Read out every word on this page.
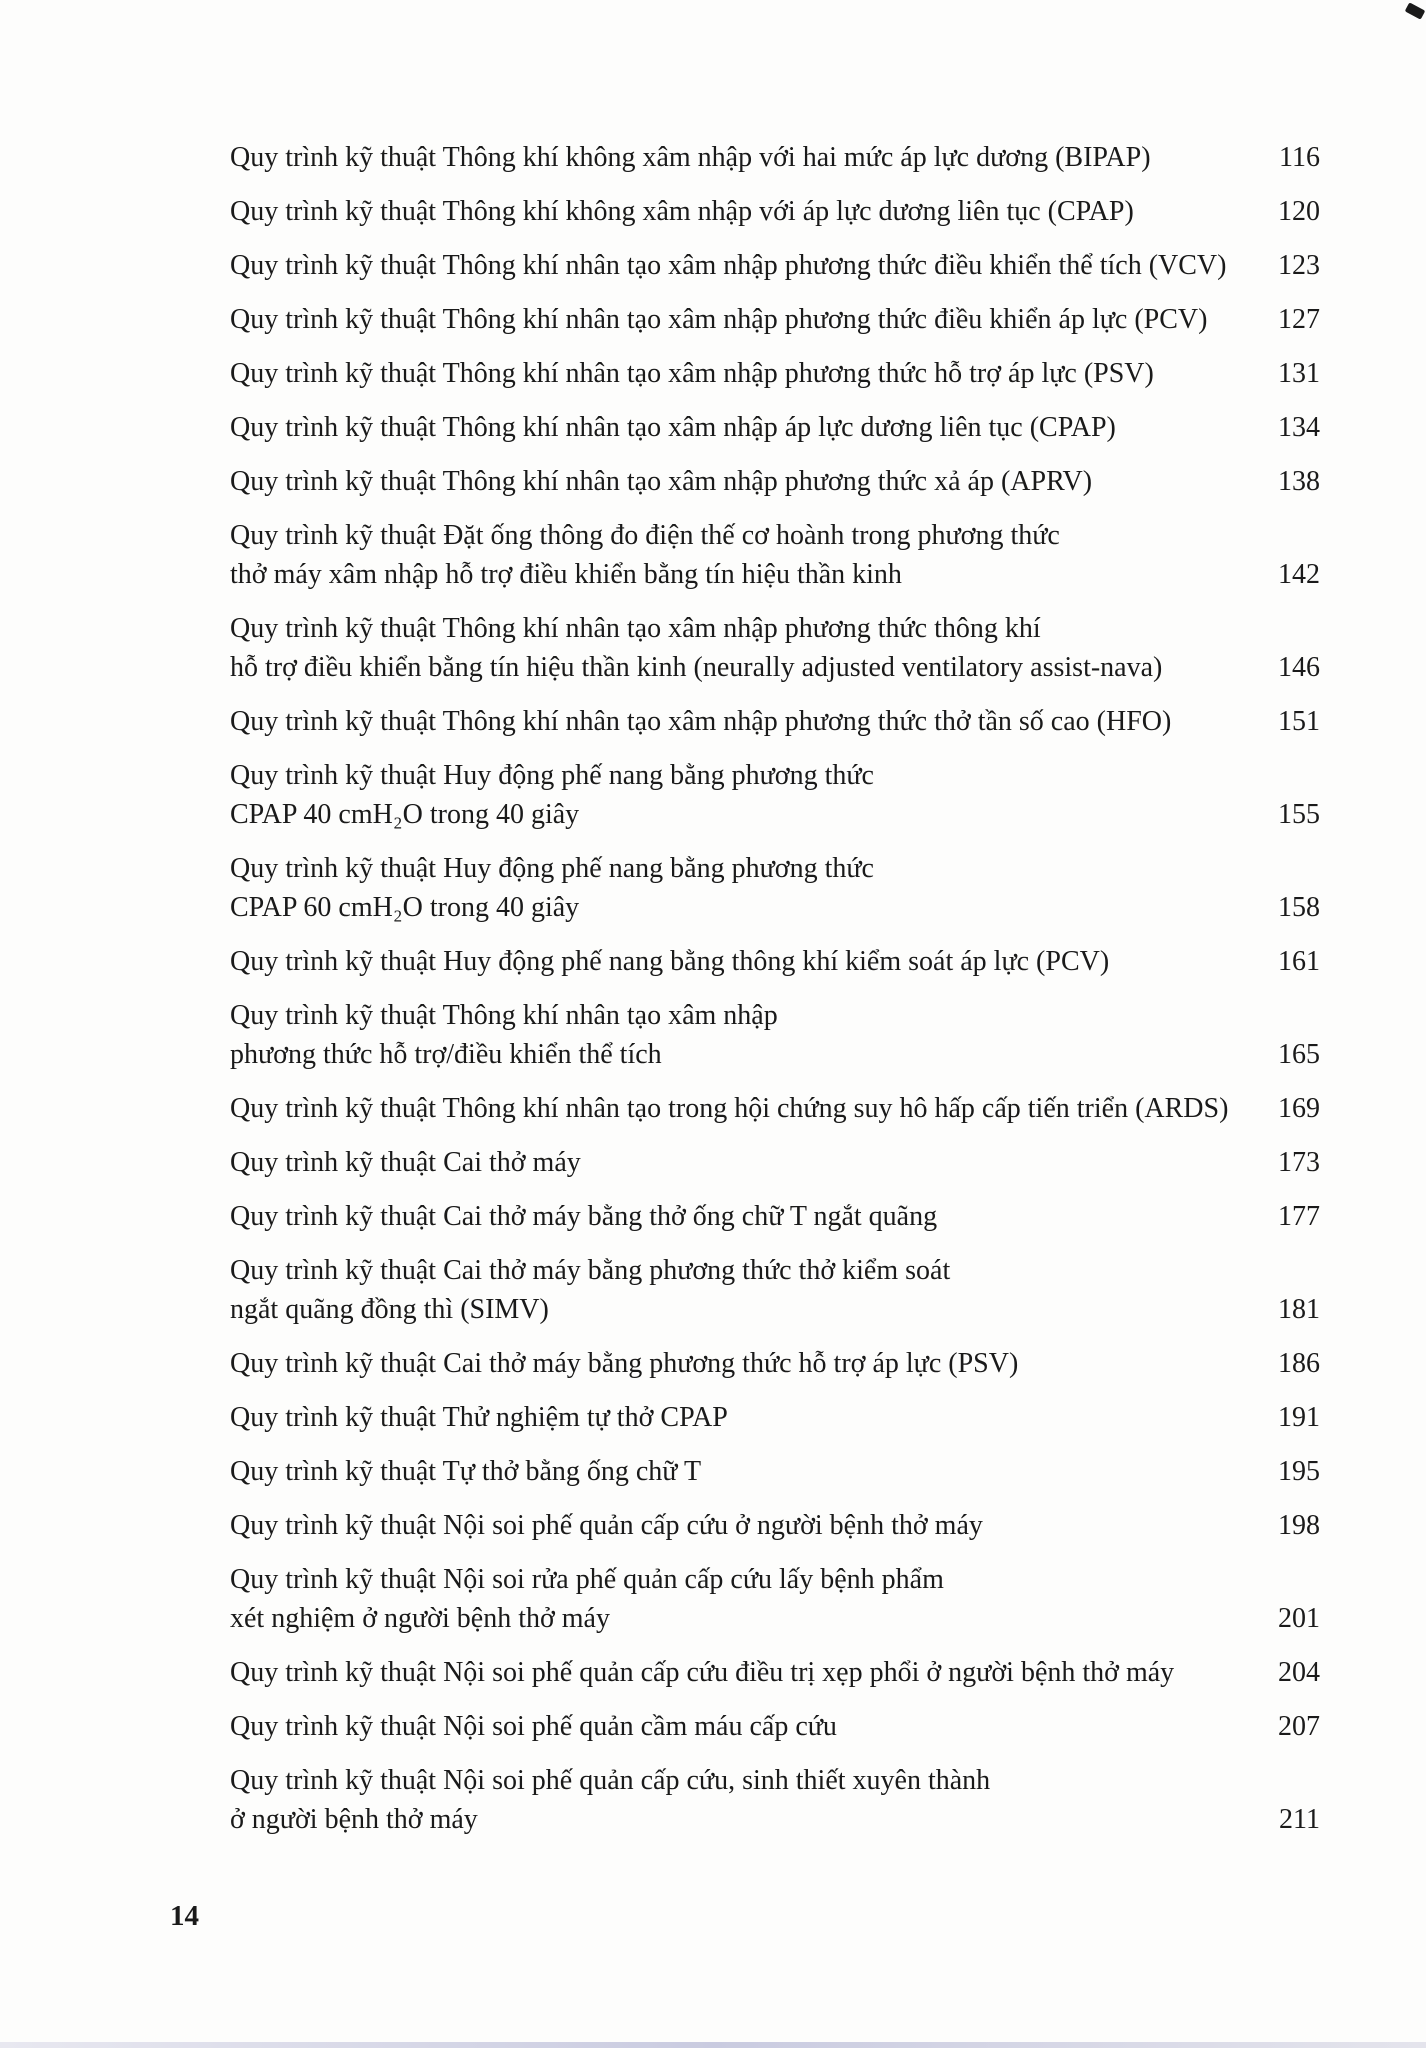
Quy trình kỹ thuật Thông khí không xâm nhập với hai mức áp lực dương (BIPAP)	116
Quy trình kỹ thuật Thông khí không xâm nhập với áp lực dương liên tục (CPAP)	120
Quy trình kỹ thuật Thông khí nhân tạo xâm nhập phương thức điều khiển thể tích (VCV)	123
Quy trình kỹ thuật Thông khí nhân tạo xâm nhập phương thức điều khiển áp lực (PCV)	127
Quy trình kỹ thuật Thông khí nhân tạo xâm nhập phương thức hỗ trợ áp lực (PSV)	131
Quy trình kỹ thuật Thông khí nhân tạo xâm nhập áp lực dương liên tục (CPAP)	134
Quy trình kỹ thuật Thông khí nhân tạo xâm nhập phương thức xả áp (APRV)	138
Quy trình kỹ thuật Đặt ống thông đo điện thế cơ hoành trong phương thức
thở máy xâm nhập hỗ trợ điều khiển bằng tín hiệu thần kinh	142
Quy trình kỹ thuật Thông khí nhân tạo xâm nhập phương thức thông khí
hỗ trợ điều khiển bằng tín hiệu thần kinh (neurally adjusted ventilatory assist-nava)	146
Quy trình kỹ thuật Thông khí nhân tạo xâm nhập phương thức thở tần số cao (HFO)	151
Quy trình kỹ thuật Huy động phế nang bằng phương thức
CPAP 40 cmH₂O trong 40 giây	155
Quy trình kỹ thuật Huy động phế nang bằng phương thức
CPAP 60 cmH₂O trong 40 giây	158
Quy trình kỹ thuật Huy động phế nang bằng thông khí kiểm soát áp lực (PCV)	161
Quy trình kỹ thuật Thông khí nhân tạo xâm nhập
phương thức hỗ trợ/điều khiển thể tích	165
Quy trình kỹ thuật Thông khí nhân tạo trong hội chứng suy hô hấp cấp tiến triển (ARDS)	169
Quy trình kỹ thuật Cai thở máy	173
Quy trình kỹ thuật Cai thở máy bằng thở ống chữ T ngắt quãng	177
Quy trình kỹ thuật Cai thở máy bằng phương thức thở kiểm soát
ngắt quãng đồng thì (SIMV)	181
Quy trình kỹ thuật Cai thở máy bằng phương thức hỗ trợ áp lực (PSV)	186
Quy trình kỹ thuật Thử nghiệm tự thở CPAP	191
Quy trình kỹ thuật Tự thở bằng ống chữ T	195
Quy trình kỹ thuật Nội soi phế quản cấp cứu ở người bệnh thở máy	198
Quy trình kỹ thuật Nội soi rửa phế quản cấp cứu lấy bệnh phẩm
xét nghiệm ở người bệnh thở máy	201
Quy trình kỹ thuật Nội soi phế quản cấp cứu điều trị xẹp phổi ở người bệnh thở máy	204
Quy trình kỹ thuật Nội soi phế quản cầm máu cấp cứu	207
Quy trình kỹ thuật Nội soi phế quản cấp cứu, sinh thiết xuyên thành
ở người bệnh thở máy	211
14
